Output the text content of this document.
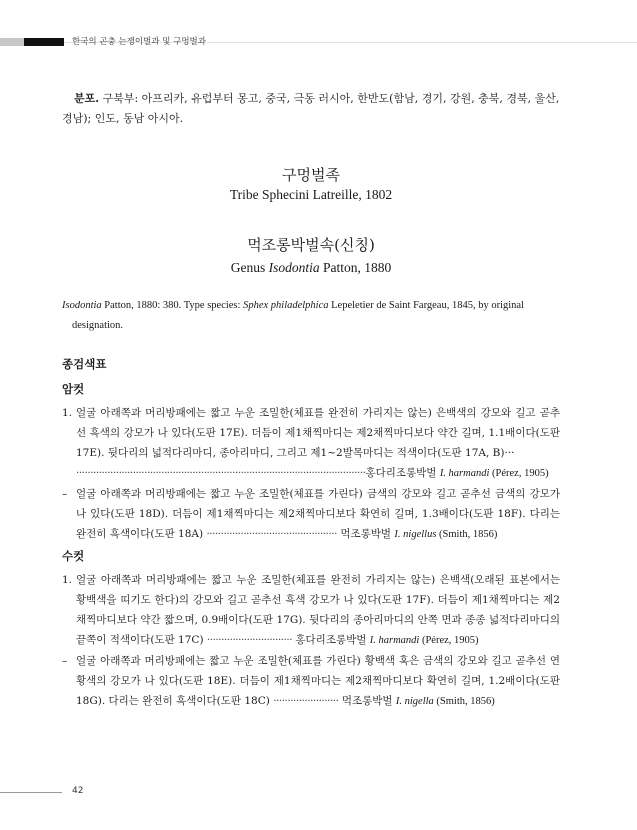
한국의 곤충 는쟁이벌과 및 구멍벌과

분포. 구북부: 아프리카, 유럽부터 몽고, 중국, 극동 러시아, 한반도(함남, 경기, 강원, 충북, 경북, 울산, 경남); 인도, 동남 아시아.

구멍벌족
Tribe Sphecini Latreille, 1802
먹조롱박벌속(신칭)
Genus Isodontia Patton, 1880

Isodontia Patton, 1880: 380. Type species: Sphex philadelphica Lepeletier de Saint Fargeau, 1845, by original designation.

종검색표
암컷
1. 얼굴 아래쪽과 머리방패에는 짧고 누운 조밀한(체표를 완전히 가리지는 않는) 은백색의 강모와 길고 곧추선 흑색의 강모가 나 있다(도판 17E). 더듬이 제1채찍마디는 제2채찍마디보다 약간 길며, 1.1배이다(도판 17E). 뒷다리의 넓적다리마디, 종아리마디, 그리고 제1~2발목마디는 적색이다(도판 17A, B)···
······································································································홍다리조롱박벌 I. harmandi (Pérez, 1905)
– 얼굴 아래쪽과 머리방패에는 짧고 누운 조밀한(체표를 가린다) 금색의 강모와 길고 곧추선 금색의 강모가 나 있다(도판 18D). 더듬이 제1채찍마디는 제2채찍마디보다 확연히 길며, 1.3배이다(도판 18F). 다리는 완전히 흑색이다(도판 18A) ·············································· 먹조롱박벌 I. nigellus (Smith, 1856)
수컷
1. 얼굴 아래쪽과 머리방패에는 짧고 누운 조밀한(체표를 완전히 가리지는 않는) 은백색(오래된 표본에서는 황백색을 띠기도 한다)의 강모와 길고 곧추선 흑색 강모가 나 있다(도판 17F). 더듬이 제1채찍마디는 제2채찍마디보다 약간 짧으며, 0.9배이다(도판 17G). 뒷다리의 종아리마디의 안쪽 면과 종종 넓적다리마디의 끝쪽이 적색이다(도판 17C) ······························ 홍다리조롱박벌 I. harmandi (Pérez, 1905)
– 얼굴 아래쪽과 머리방패에는 짧고 누운 조밀한(체표를 가린다) 황백색 혹은 금색의 강모와 길고 곧추선 연황색의 강모가 나 있다(도판 18E). 더듬이 제1채찍마디는 제2채찍마디보다 확연히 길며, 1.2배이다(도판 18G). 다리는 완전히 흑색이다(도판 18C) ······················· 먹조롱박벌 I. nigella (Smith, 1856)
42
